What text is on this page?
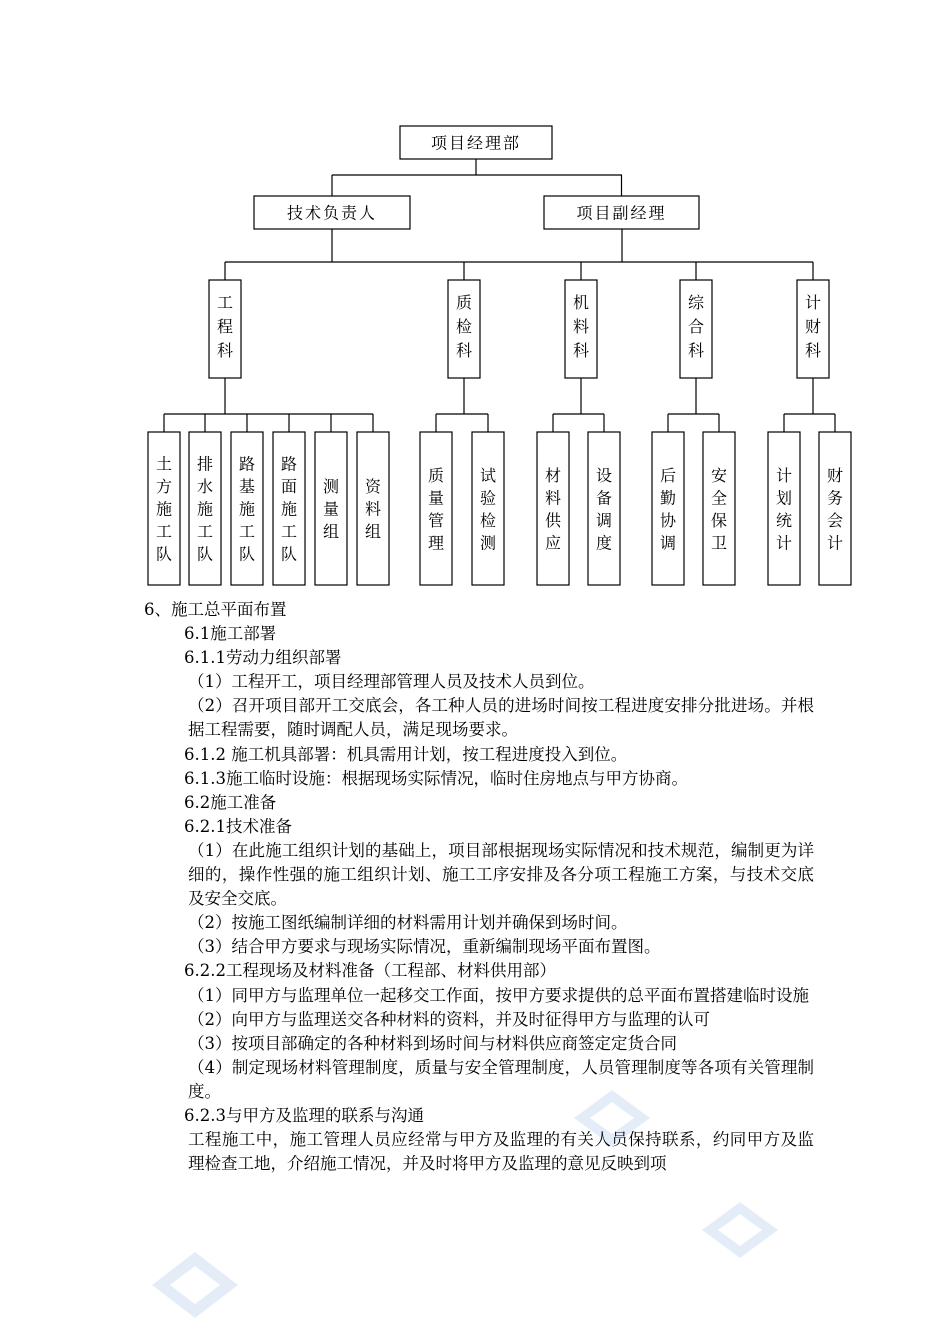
项目经理部
技术负责人	项目副经理
工程科
土方施工队
排水施工队
路基施工队
路面施工队
测量组
资料组
质检科
质量管理
试验检测
机料科
材料供应
设备调度
综合科
后勤协调
安全保卫
计财科
计划统计
财务会计

6、施工总平面布置

6.1施工部署

6.1.1劳动力组织部署

（1）工程开工，项目经理部管理人员及技术人员到位。

（2）召开项目部开工交底会，各工种人员的进场时间按工程进度安排分批进场。并根据工程需要，随时调配人员，满足现场要求。

6.1.2 施工机具部署：机具需用计划，按工程进度投入到位。

6.1.3施工临时设施：根据现场实际情况，临时住房地点与甲方协商。

6.2施工准备

6.2.1技术准备

（1）在此施工组织计划的基础上，项目部根据现场实际情况和技术规范，编制更为详细的，操作性强的施工组织计划、施工工序安排及各分项工程施工方案，与技术交底及安全交底。

（2）按施工图纸编制详细的材料需用计划并确保到场时间。

（3）结合甲方要求与现场实际情况，重新编制现场平面布置图。

6.2.2工程现场及材料准备（工程部、材料供用部）

（1）同甲方与监理单位一起移交工作面，按甲方要求提供的总平面布置搭建临时设施

（2）向甲方与监理送交各种材料的资料，并及时征得甲方与监理的认可

（3）按项目部确定的各种材料到场时间与材料供应商签定定货合同

（4）制定现场材料管理制度，质量与安全管理制度，人员管理制度等各项有关管理制度。

6.2.3与甲方及监理的联系与沟通

工程施工中，施工管理人员应经常与甲方及监理的有关人员保持联系，约同甲方及监理检查工地，介绍施工情况，并及时将甲方及监理的意见反映到项
